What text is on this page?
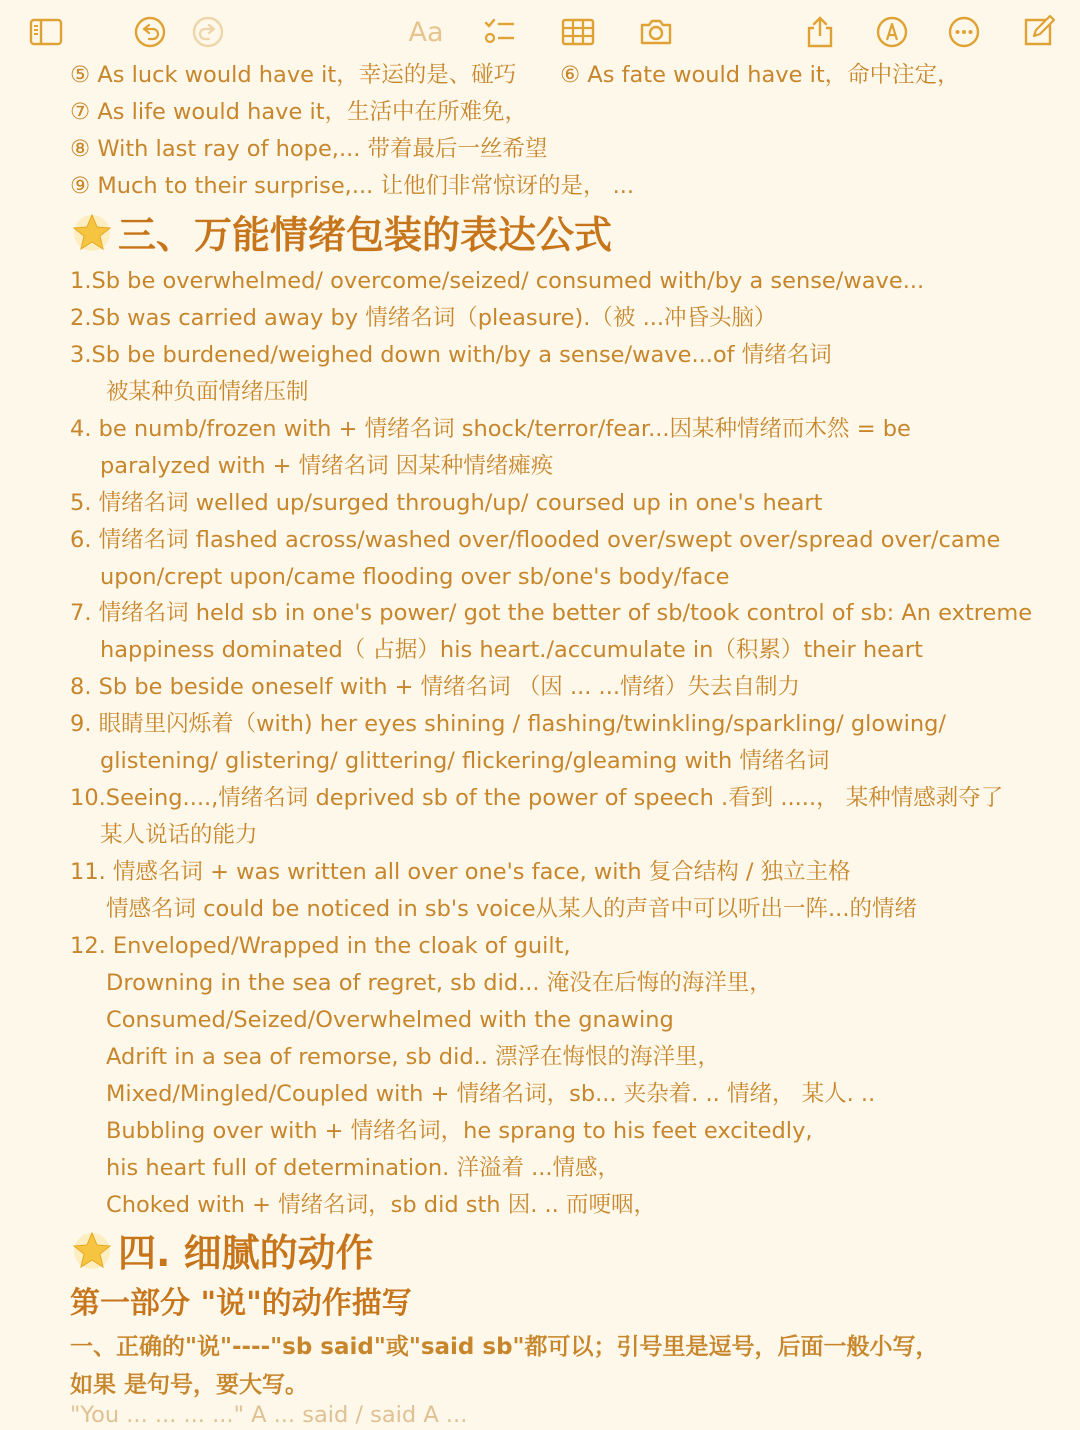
Aa
⑤ As luck would have it，幸运的是、碰巧 ⑥ As fate would have it，命中注定，
⑦ As life would have it，生活中在所难免，
⑧ With last ray of hope,... 带着最后一丝希望
⑨ Much to their surprise,... 让他们非常惊讶的是， ...
三、万能情绪包装的表达公式
1.Sb be overwhelmed/ overcome/seized/ consumed with/by a sense/wave...
2.Sb was carried away by 情绪名词（pleasure).（被 ...冲昏头脑）
3.Sb be burdened/weighed down with/by a sense/wave...of 情绪名词
被某种负面情绪压制
4. be numb/frozen with + 情绪名词 shock/terror/fear...因某种情绪而木然 = be
paralyzed with + 情绪名词 因某种情绪瘫痪
5. 情绪名词 welled up/surged through/up/ coursed up in one's heart
6. 情绪名词 flashed across/washed over/flooded over/swept over/spread over/came
upon/crept upon/came flooding over sb/one's body/face
7. 情绪名词 held sb in one's power/ got the better of sb/took control of sb: An extreme
happiness dominated（ 占据）his heart./accumulate in（积累）their heart
8. Sb be beside oneself with + 情绪名词 （因 ... ...情绪）失去自制力
9. 眼睛里闪烁着（with) her eyes shining / flashing/twinkling/sparkling/ glowing/
glistening/ glistering/ glittering/ flickering/gleaming with 情绪名词
10.Seeing....,情绪名词 deprived sb of the power of speech .看到 .....， 某种情感剥夺了
某人说话的能力
11. 情感名词 + was written all over one's face, with 复合结构 / 独立主格
情感名词 could be noticed in sb's voice从某人的声音中可以听出一阵...的情绪
12. Enveloped/Wrapped in the cloak of guilt,
Drowning in the sea of regret, sb did... 淹没在后悔的海洋里，
Consumed/Seized/Overwhelmed with the gnawing
Adrift in a sea of remorse, sb did.. 漂浮在悔恨的海洋里，
Mixed/Mingled/Coupled with + 情绪名词，sb... 夹杂着. .. 情绪， 某人. ..
Bubbling over with + 情绪名词，he sprang to his feet excitedly,
his heart full of determination. 洋溢着 ...情感，
Choked with + 情绪名词，sb did sth 因. .. 而哽咽，
四. 细腻的动作
第一部分 "说"的动作描写
一、正确的"说"----"sb said"或"said sb"都可以；引号里是逗号，后面一般小写，
如果 是句号，要大写。
"You ... ... ... ..." A ... said / said A ...
